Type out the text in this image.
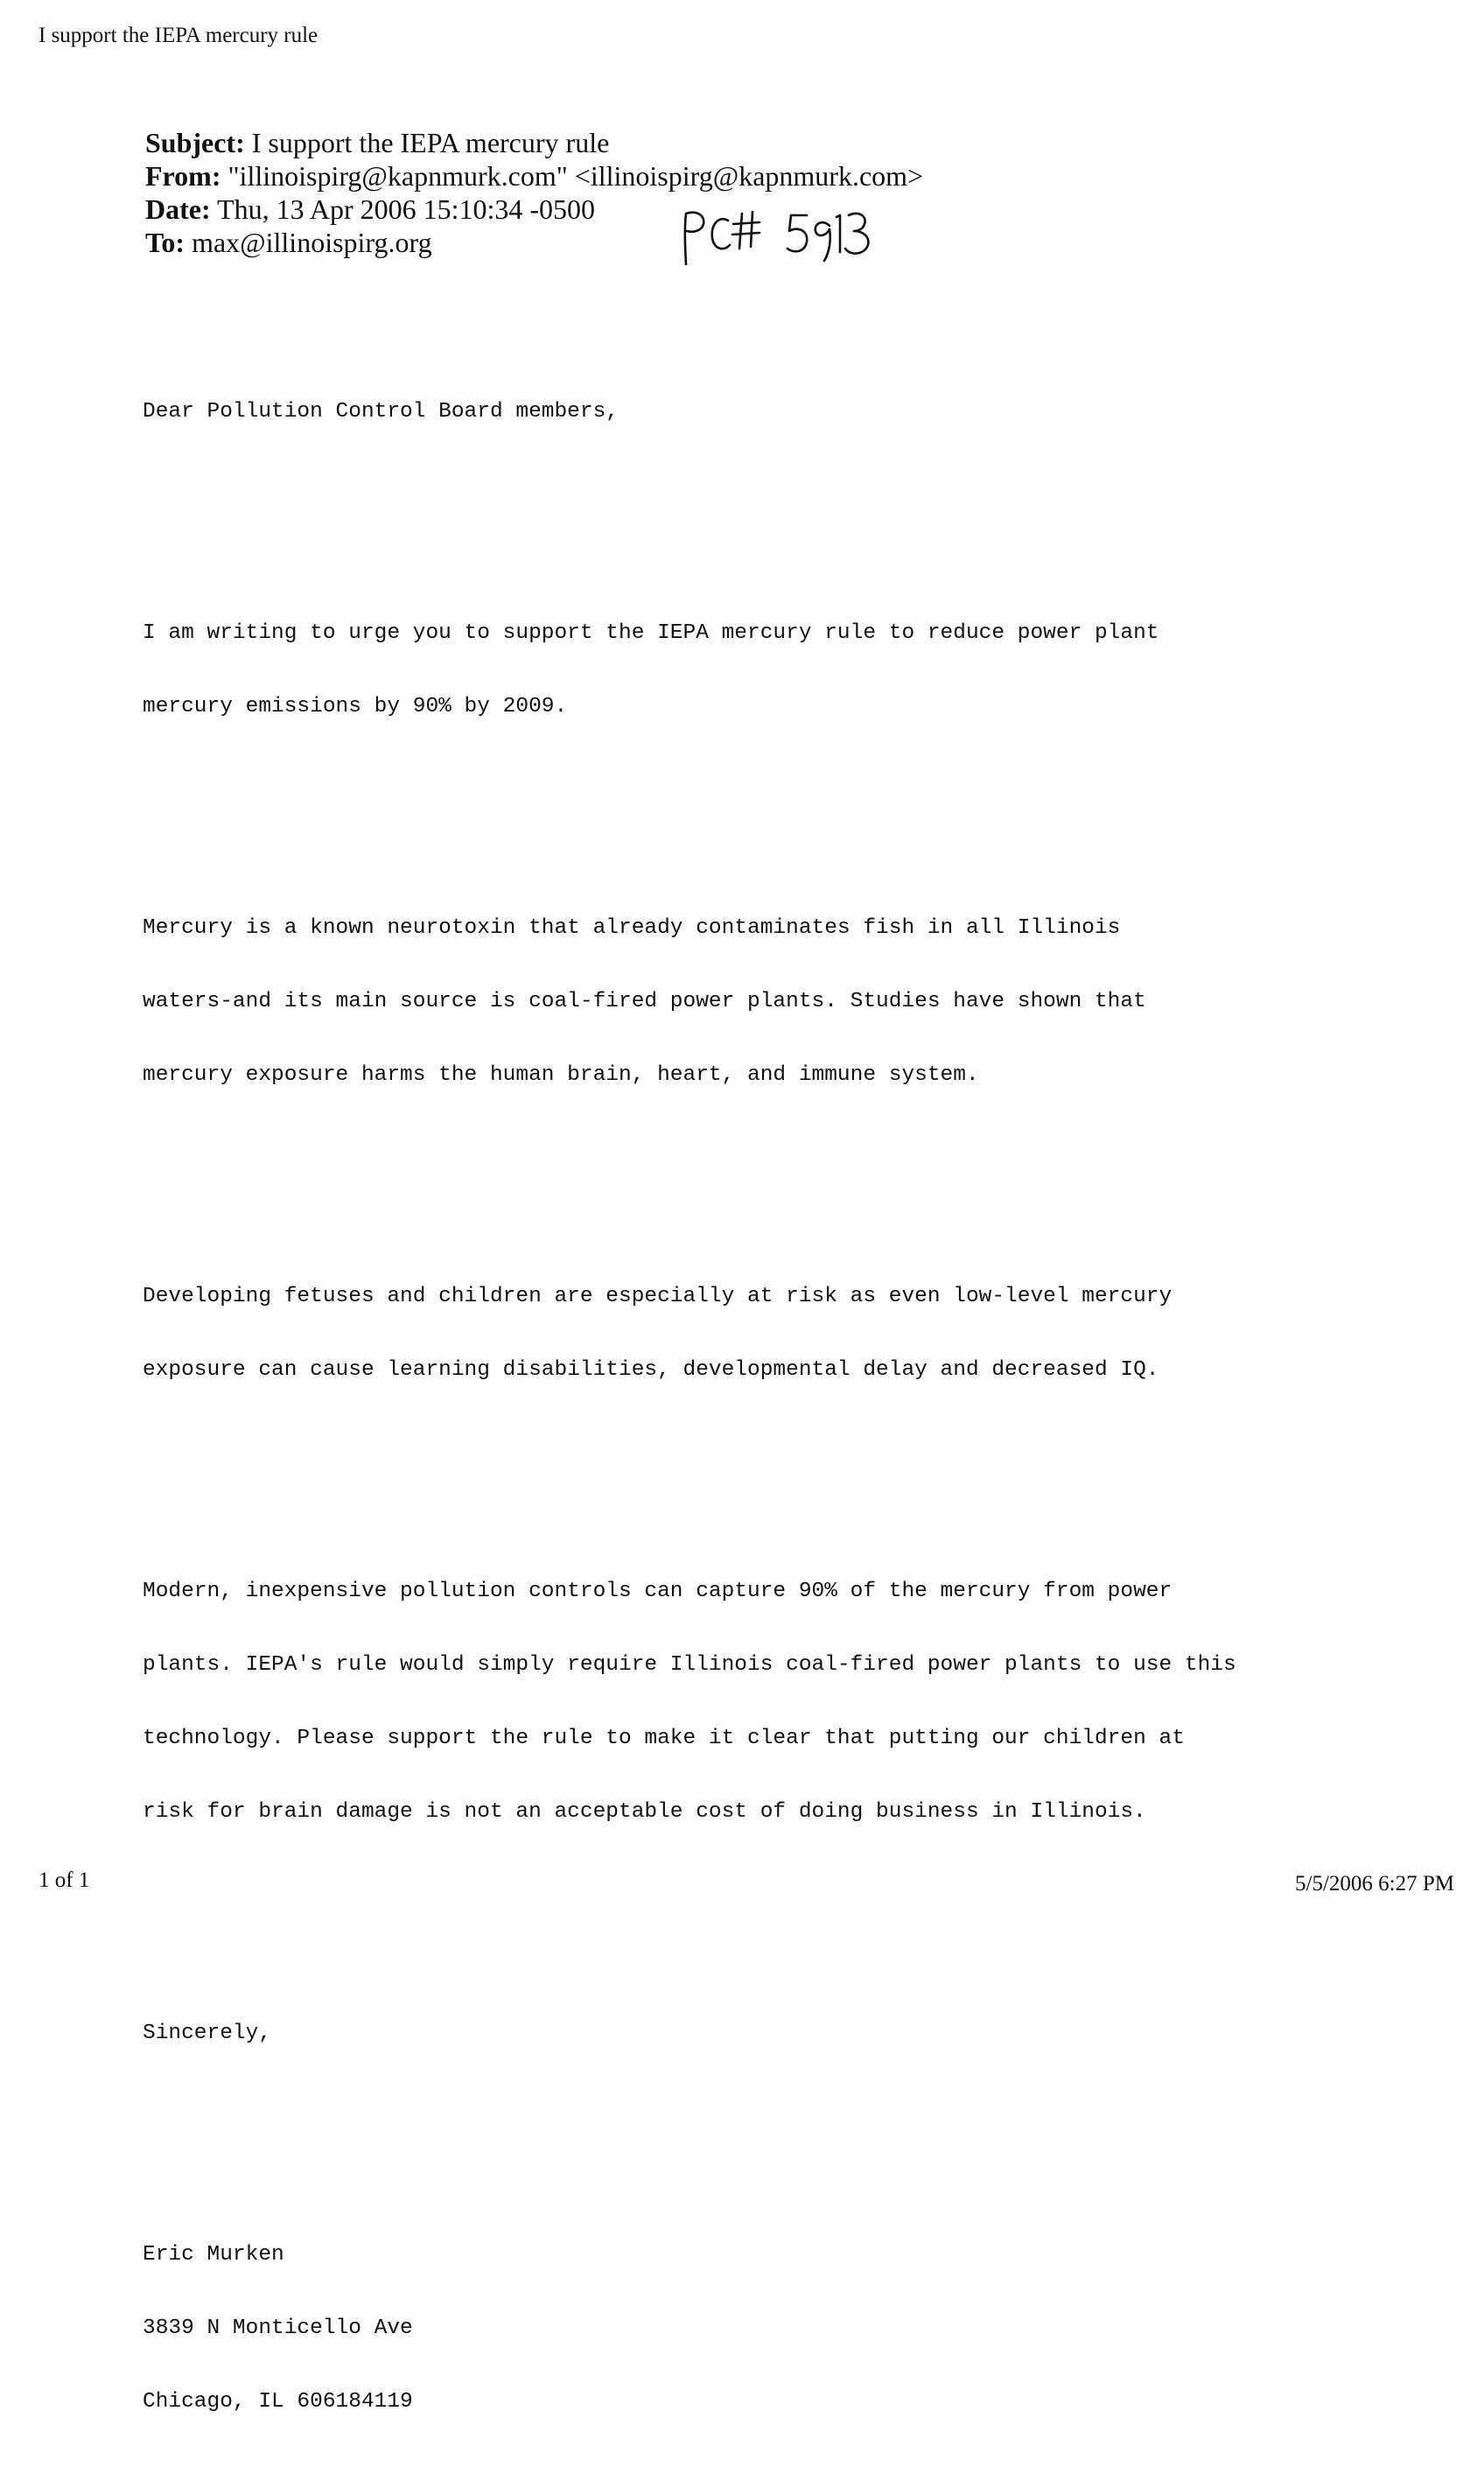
I support the IEPA mercury rule
Subject: I support the IEPA mercury rule
From: "illinoispirg@kapnmurk.com" <illinoispirg@kapnmurk.com>
Date: Thu, 13 Apr 2006 15:10:34 -0500
To: max@illinoispirg.org

Dear Pollution Control Board members,

I am writing to urge you to support the IEPA mercury rule to reduce power plant

mercury emissions by 90% by 2009.

Mercury is a known neurotoxin that already contaminates fish in all Illinois

waters-and its main source is coal-fired power plants. Studies have shown that

mercury exposure harms the human brain, heart, and immune system.

Developing fetuses and children are especially at risk as even low-level mercury

exposure can cause learning disabilities, developmental delay and decreased IQ.

Modern, inexpensive pollution controls can capture 90% of the mercury from power

plants. IEPA's rule would simply require Illinois coal-fired power plants to use this

technology. Please support the rule to make it clear that putting our children at

risk for brain damage is not an acceptable cost of doing business in Illinois.

Sincerely,

Eric Murken

3839 N Monticello Ave

Chicago, IL 606184119

1 of 1	5/5/2006 6:27 PM
